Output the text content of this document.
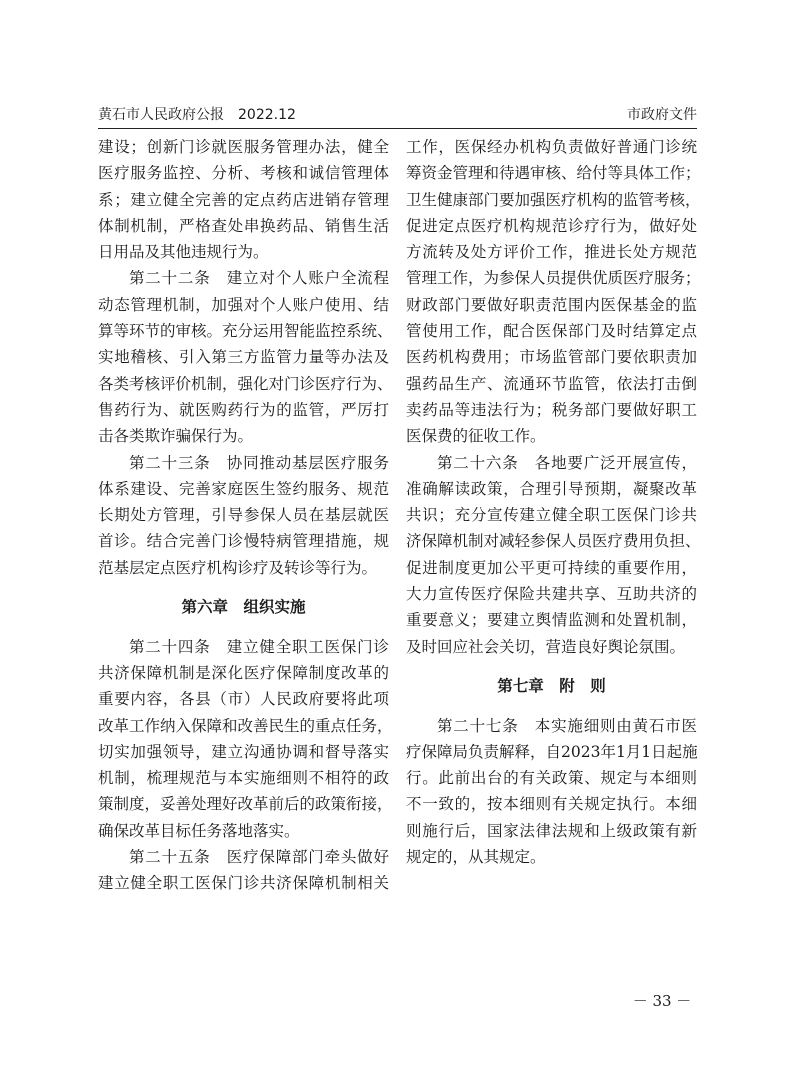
黄石市人民政府公报　2022.12	市政府文件
建设；创新门诊就医服务管理办法，健全
医疗服务监控、分析、考核和诚信管理体
系；建立健全完善的定点药店进销存管理
体制机制，严格查处串换药品、销售生活
日用品及其他违规行为。
第二十二条　建立对个人账户全流程
动态管理机制，加强对个人账户使用、结
算等环节的审核。充分运用智能监控系统、
实地稽核、引入第三方监管力量等办法及
各类考核评价机制，强化对门诊医疗行为、
售药行为、就医购药行为的监管，严厉打
击各类欺诈骗保行为。
第二十三条　协同推动基层医疗服务
体系建设、完善家庭医生签约服务、规范
长期处方管理，引导参保人员在基层就医
首诊。结合完善门诊慢特病管理措施，规
范基层定点医疗机构诊疗及转诊等行为。
第六章　组织实施
第二十四条　建立健全职工医保门诊
共济保障机制是深化医疗保障制度改革的
重要内容，各县（市）人民政府要将此项
改革工作纳入保障和改善民生的重点任务，
切实加强领导，建立沟通协调和督导落实
机制，梳理规范与本实施细则不相符的政
策制度，妥善处理好改革前后的政策衔接，
确保改革目标任务落地落实。
第二十五条　医疗保障部门牵头做好
建立健全职工医保门诊共济保障机制相关
工作，医保经办机构负责做好普通门诊统
筹资金管理和待遇审核、给付等具体工作；
卫生健康部门要加强医疗机构的监管考核，
促进定点医疗机构规范诊疗行为，做好处
方流转及处方评价工作，推进长处方规范
管理工作，为参保人员提供优质医疗服务；
财政部门要做好职责范围内医保基金的监
管使用工作，配合医保部门及时结算定点
医药机构费用；市场监管部门要依职责加
强药品生产、流通环节监管，依法打击倒
卖药品等违法行为；税务部门要做好职工
医保费的征收工作。
第二十六条　各地要广泛开展宣传，
准确解读政策，合理引导预期，凝聚改革
共识；充分宣传建立健全职工医保门诊共
济保障机制对减轻参保人员医疗费用负担、
促进制度更加公平更可持续的重要作用，
大力宣传医疗保险共建共享、互助共济的
重要意义；要建立舆情监测和处置机制，
及时回应社会关切，营造良好舆论氛围。
第七章　附　则
第二十七条　本实施细则由黄石市医
疗保障局负责解释，自2023年1月1日起施
行。此前出台的有关政策、规定与本细则
不一致的，按本细则有关规定执行。本细
则施行后，国家法律法规和上级政策有新
规定的，从其规定。
－ 33 －
